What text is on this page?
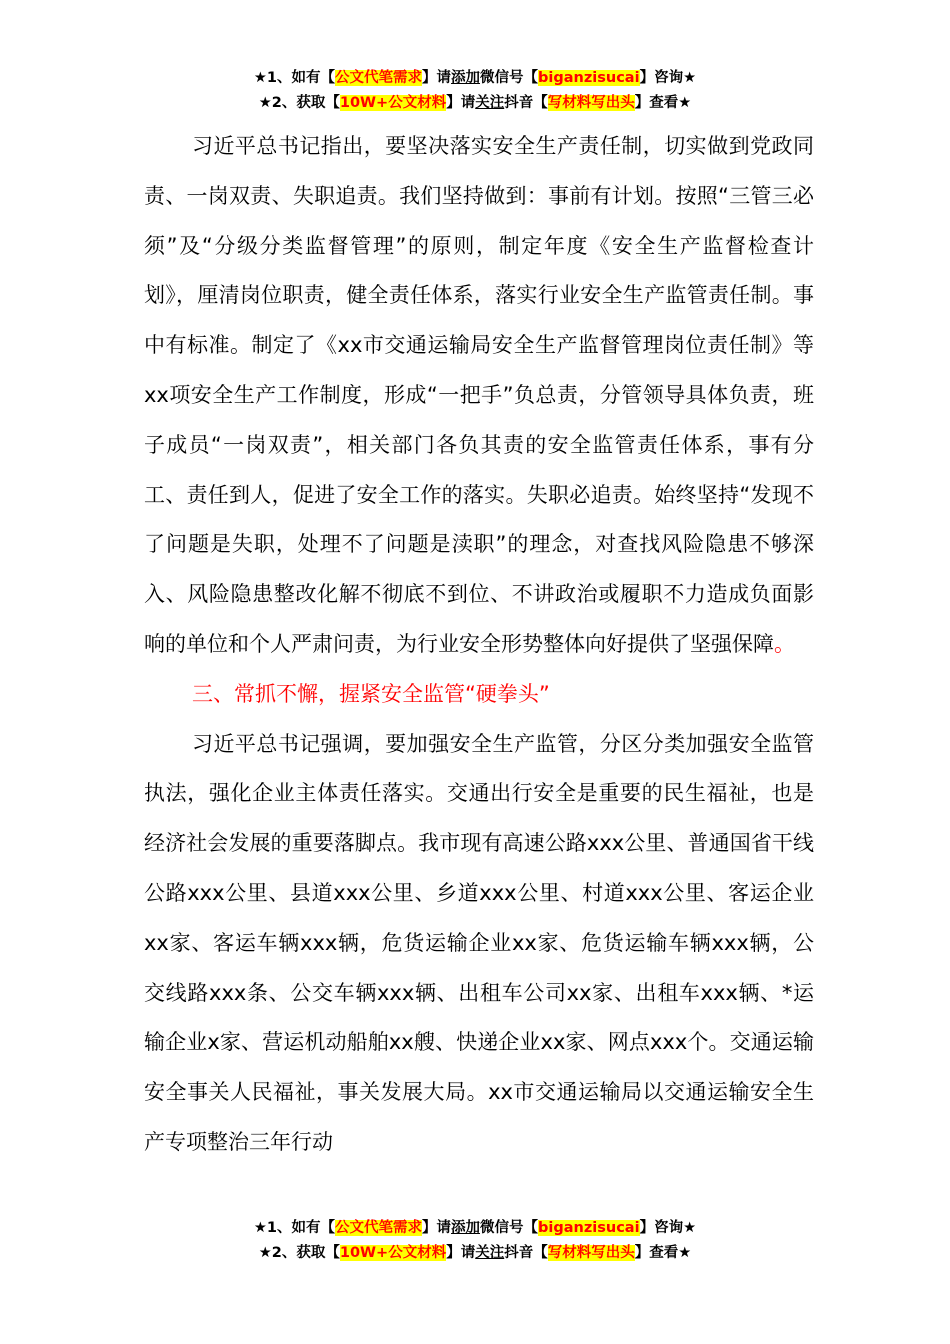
★1、如有【公文代笔需求】请添加微信号【biganzisucai】咨询★
★2、获取【10W+公文材料】请关注抖音【写材料写出头】查看★

习近平总书记指出，要坚决落实安全生产责任制，切实做到党政同责、一岗双责、失职追责。我们坚持做到：事前有计划。按照“三管三必须”及“分级分类监督管理”的原则，制定年度《安全生产监督检查计划》，厘清岗位职责，健全责任体系，落实行业安全生产监管责任制。事中有标准。制定了《xx市交通运输局安全生产监督管理岗位责任制》等xx项安全生产工作制度，形成“一把手”负总责，分管领导具体负责，班子成员“一岗双责”，相关部门各负其责的安全监管责任体系，事有分工、责任到人，促进了安全工作的落实。失职必追责。始终坚持“发现不了问题是失职，处理不了问题是渎职”的理念，对查找风险隐患不够深入、风险隐患整改化解不彻底不到位、不讲政治或履职不力造成负面影响的单位和个人严肃问责，为行业安全形势整体向好提供了坚强保障。

三、常抓不懈，握紧安全监管“硬拳头”

习近平总书记强调，要加强安全生产监管，分区分类加强安全监管执法，强化企业主体责任落实。交通出行安全是重要的民生福祉，也是经济社会发展的重要落脚点。我市现有高速公路xxx公里、普通国省干线公路xxx公里、县道xxx公里、乡道xxx公里、村道xxx公里、客运企业xx家、客运车辆xxx辆，危货运输企业xx家、危货运输车辆xxx辆，公交线路xxx条、公交车辆xxx辆、出租车公司xx家、出租车xxx辆、*运输企业x家、营运机动船舶xx艘、快递企业xx家、网点xxx个。交通运输安全事关人民福祉，事关发展大局。xx市交通运输局以交通运输安全生产专项整治三年行动

★1、如有【公文代笔需求】请添加微信号【biganzisucai】咨询★
★2、获取【10W+公文材料】请关注抖音【写材料写出头】查看★
